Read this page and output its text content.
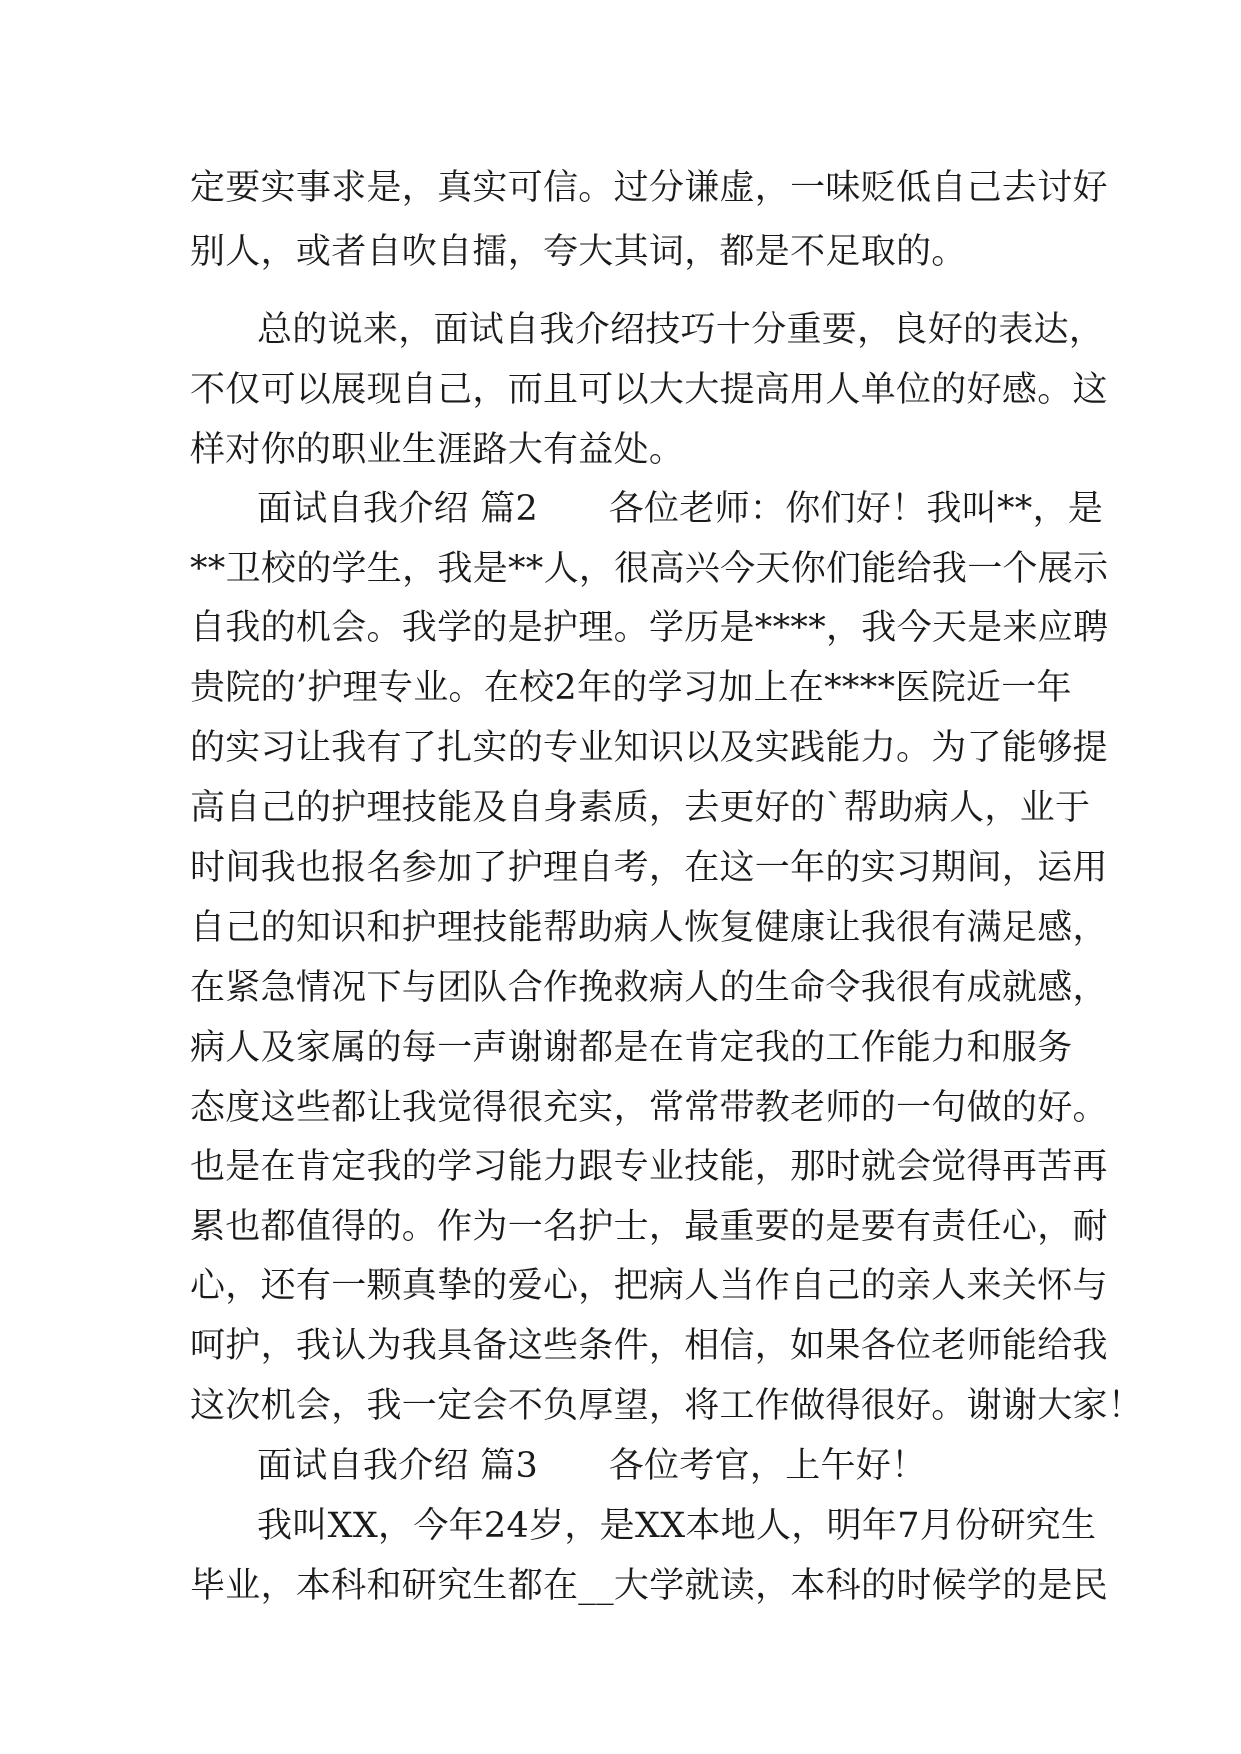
定要实事求是，真实可信。过分谦虚，一味贬低自己去讨好
别人，或者自吹自擂，夸大其词，都是不足取的。
总的说来，面试自我介绍技巧十分重要，良好的表达，
不仅可以展现自己，而且可以大大提高用人单位的好感。这
样对你的职业生涯路大有益处。
面试自我介绍 篇2　　各位老师：你们好！我叫**，是
**卫校的学生，我是**人，很高兴今天你们能给我一个展示
自我的机会。我学的是护理。学历是****，我今天是来应聘
贵院的’护理专业。在校2年的学习加上在****医院近一年
的实习让我有了扎实的专业知识以及实践能力。为了能够提
高自己的护理技能及自身素质，去更好的`帮助病人，业于
时间我也报名参加了护理自考，在这一年的实习期间，运用
自己的知识和护理技能帮助病人恢复健康让我很有满足感，
在紧急情况下与团队合作挽救病人的生命令我很有成就感，
病人及家属的每一声谢谢都是在肯定我的工作能力和服务
态度这些都让我觉得很充实，常常带教老师的一句做的好。
也是在肯定我的学习能力跟专业技能，那时就会觉得再苦再
累也都值得的。作为一名护士，最重要的是要有责任心，耐
心，还有一颗真挚的爱心，把病人当作自己的亲人来关怀与
呵护，我认为我具备这些条件，相信，如果各位老师能给我
这次机会，我一定会不负厚望，将工作做得很好。谢谢大家！
面试自我介绍 篇3　　各位考官，上午好！
我叫XX，今年24岁，是XX本地人，明年7月份研究生
毕业，本科和研究生都在__大学就读，本科的时候学的是民
